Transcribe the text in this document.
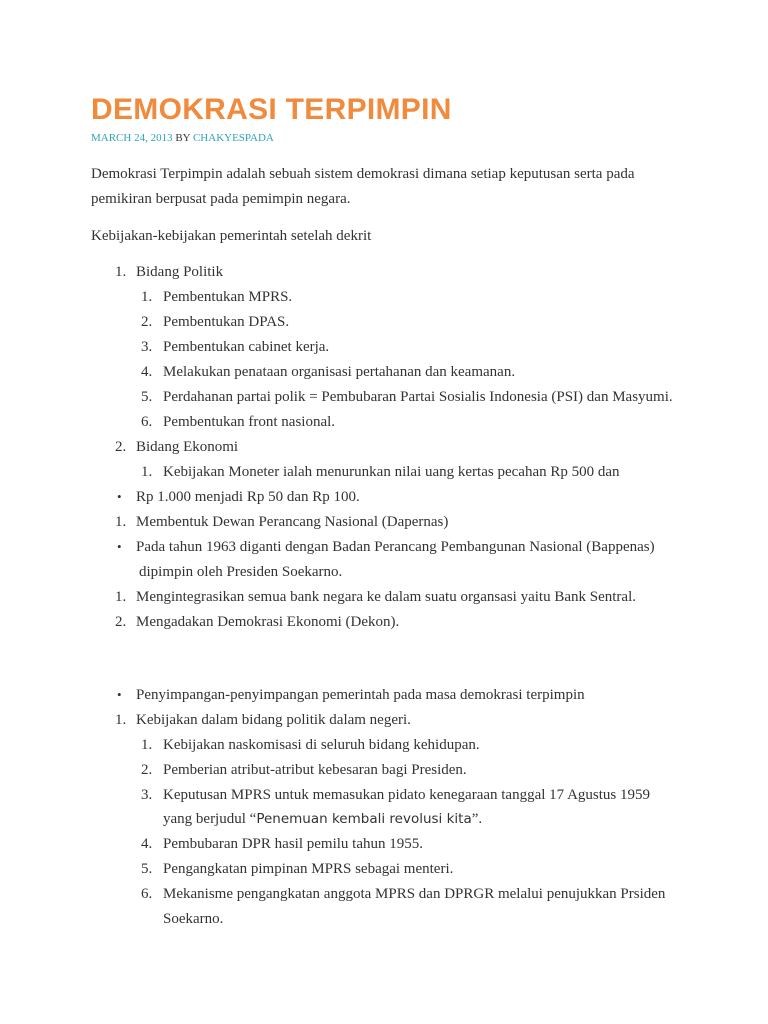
DEMOKRASI TERPIMPIN
MARCH 24, 2013 BY CHAKYESPADA
Demokrasi Terpimpin adalah sebuah sistem demokrasi dimana setiap keputusan serta pada
pemikiran berpusat pada pemimpin negara.
Kebijakan-kebijakan pemerintah setelah dekrit
1. Bidang Politik
1. Pembentukan MPRS.
2. Pembentukan DPAS.
3. Pembentukan cabinet kerja.
4. Melakukan penataan organisasi pertahanan dan keamanan.
5. Perdahanan partai polik = Pembubaran Partai Sosialis Indonesia (PSI) dan Masyumi.
6. Pembentukan front nasional.
2. Bidang Ekonomi
1. Kebijakan Moneter ialah menurunkan nilai uang kertas pecahan Rp 500 dan
• Rp 1.000 menjadi Rp 50 dan Rp 100.
1. Membentuk Dewan Perancang Nasional (Dapernas)
• Pada tahun 1963 diganti dengan Badan Perancang Pembangunan Nasional (Bappenas)
dipimpin oleh Presiden Soekarno.
1. Mengintegrasikan semua bank negara ke dalam suatu organsasi yaitu Bank Sentral.
2. Mengadakan Demokrasi Ekonomi (Dekon).
• Penyimpangan-penyimpangan pemerintah pada masa demokrasi terpimpin
1. Kebijakan dalam bidang politik dalam negeri.
1. Kebijakan naskomisasi di seluruh bidang kehidupan.
2. Pemberian atribut-atribut kebesaran bagi Presiden.
3. Keputusan MPRS untuk memasukan pidato kenegaraan tanggal 17 Agustus 1959
yang berjudul “Penemuan kembali revolusi kita”.
4. Pembubaran DPR hasil pemilu tahun 1955.
5. Pengangkatan pimpinan MPRS sebagai menteri.
6. Mekanisme pengangkatan anggota MPRS dan DPRGR melalui penujukkan Prsiden
Soekarno.
